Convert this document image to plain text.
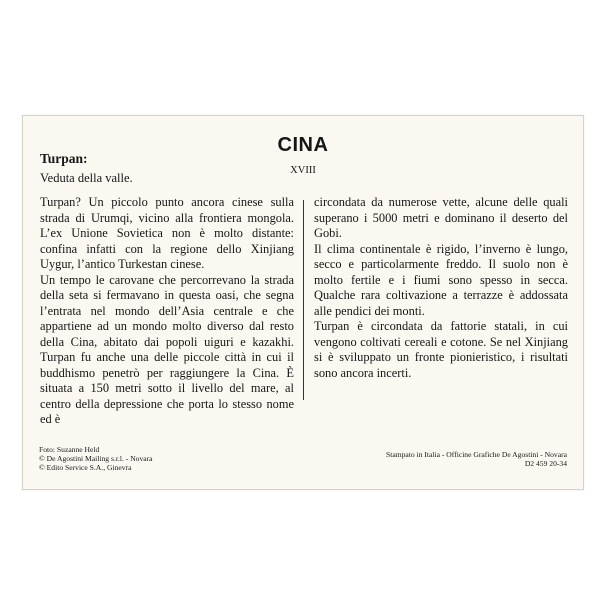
CINA
XVIII
Turpan:
Veduta della valle.

Turpan? Un piccolo punto ancora cinese sulla strada di Urumqi, vicino alla frontiera mongola. L’ex Unione Sovietica non è molto distante: confina infatti con la regione dello Xinjiang Uygur, l’antico Turkestan cinese.

Un tempo le carovane che percorrevano la strada della seta si fermavano in questa oasi, che segna l’entrata nel mondo dell’Asia centrale e che appartiene ad un mondo molto diverso dal resto della Cina, abitato dai popoli uiguri e kazakhi. Turpan fu anche una delle piccole città in cui il buddhismo penetrò per raggiungere la Cina. È situata a 150 metri sotto il livello del mare, al centro della depressione che porta lo stesso nome ed è

circondata da numerose vette, alcune delle quali superano i 5000 metri e dominano il deserto del Gobi.

Il clima continentale è rigido, l’inverno è lungo, secco e particolarmente freddo. Il suolo non è molto fertile e i fiumi sono spesso in secca. Qualche rara coltivazione a terrazze è addossata alle pendici dei monti.

Turpan è circondata da fattorie statali, in cui vengono coltivati cereali e cotone. Se nel Xinjiang si è sviluppato un fronte pionieristico, i risultati sono ancora incerti.

Foto: Suzanne Held
© De Agostini Mailing s.r.l. - Novara
© Edito Service S.A., Ginevra
Stampato in Italia - Officine Grafiche De Agostini - Novara
D2 459 20-34
